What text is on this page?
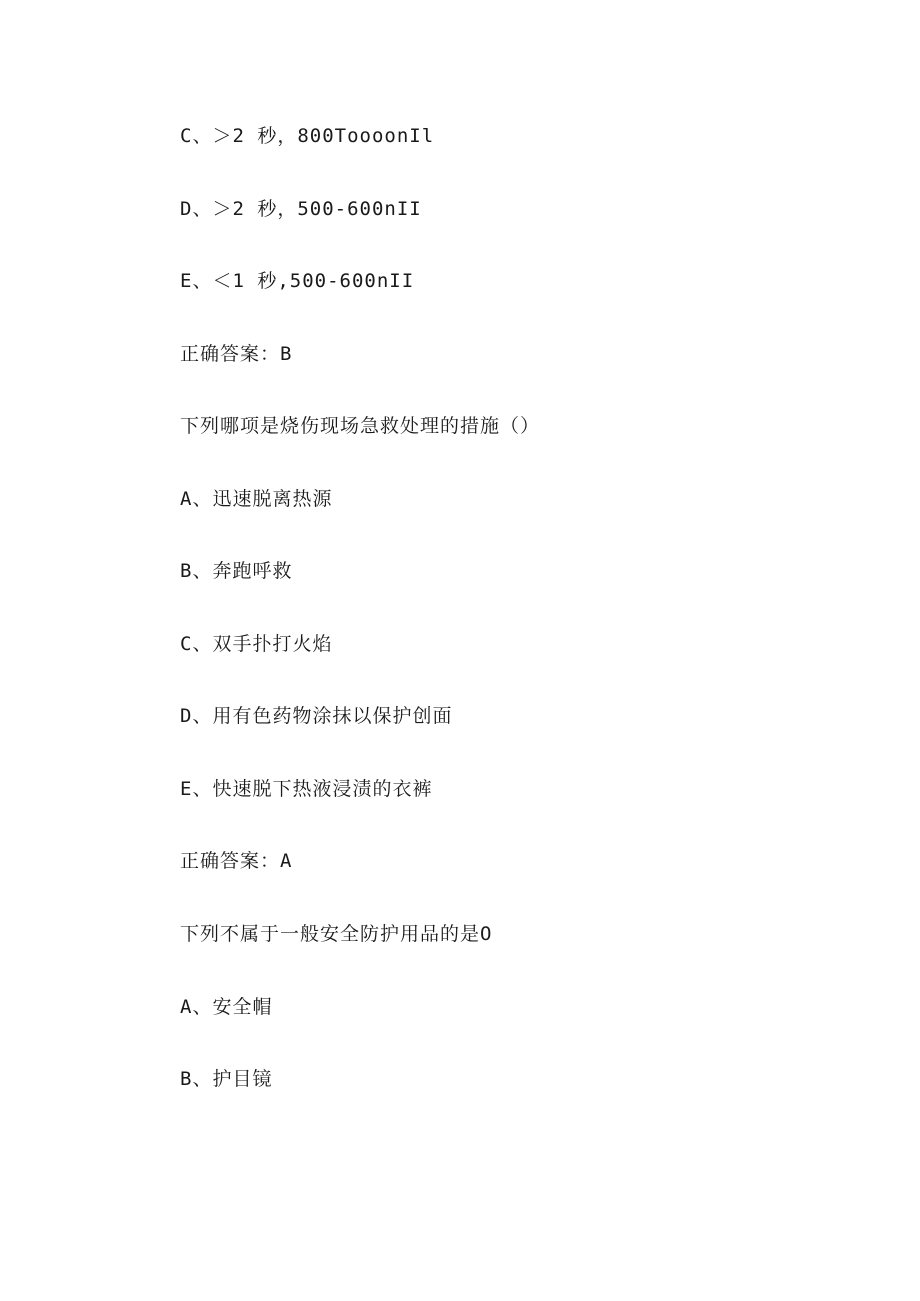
C、＞2 秒，800ToooonIl
D、＞2 秒，500-600nII
E、＜1 秒,500-600nII
正确答案：B
下列哪项是烧伤现场急救处理的措施（）
A、迅速脱离热源
B、奔跑呼救
C、双手扑打火焰
D、用有色药物涂抹以保护创面
E、快速脱下热液浸渍的衣裤
正确答案：A
下列不属于一般安全防护用品的是O
A、安全帽
B、护目镜
